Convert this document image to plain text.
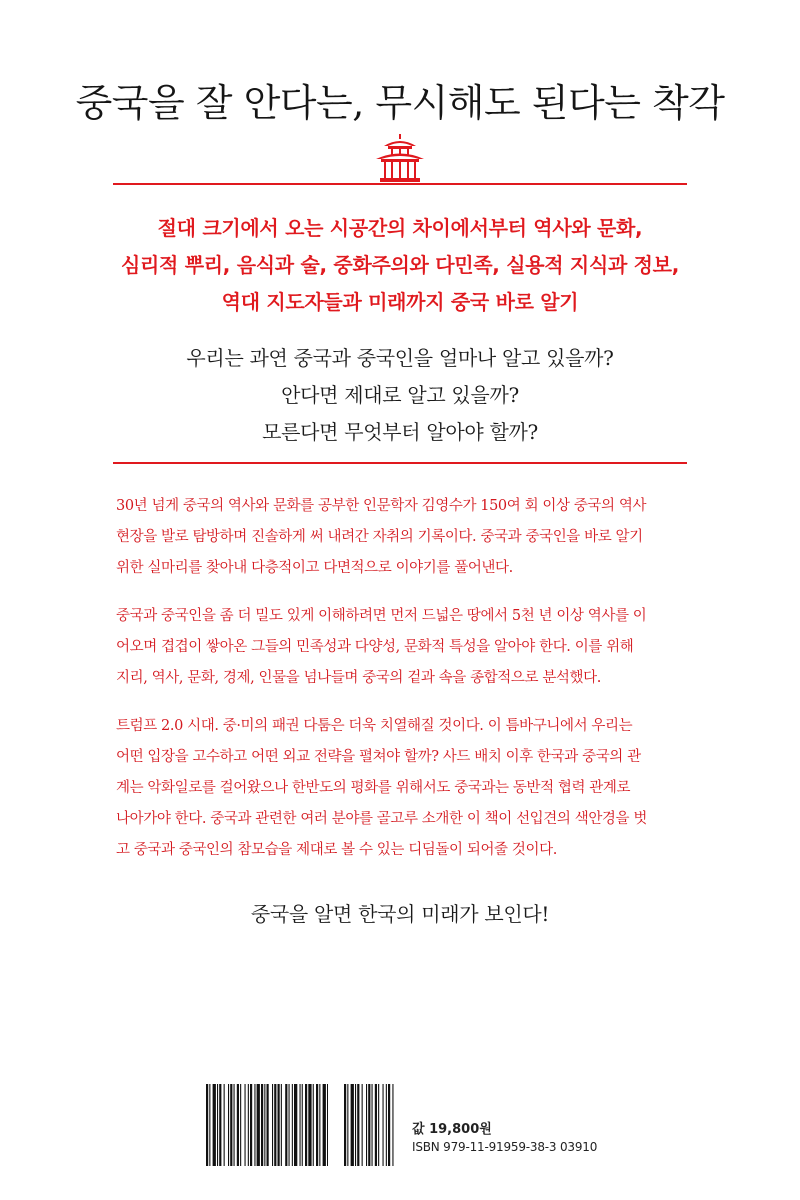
중국을 잘 안다는, 무시해도 된다는 착각
절대 크기에서 오는 시공간의 차이에서부터 역사와 문화,
심리적 뿌리, 음식과 술, 중화주의와 다민족, 실용적 지식과 정보,
역대 지도자들과 미래까지 중국 바로 알기
우리는 과연 중국과 중국인을 얼마나 알고 있을까?
안다면 제대로 알고 있을까?
모른다면 무엇부터 알아야 할까?
30년 넘게 중국의 역사와 문화를 공부한 인문학자 김영수가 150여 회 이상 중국의 역사
현장을 발로 탐방하며 진솔하게 써 내려간 자취의 기록이다. 중국과 중국인을 바로 알기
위한 실마리를 찾아내 다층적이고 다면적으로 이야기를 풀어낸다.
중국과 중국인을 좀 더 밀도 있게 이해하려면 먼저 드넓은 땅에서 5천 년 이상 역사를 이
어오며 겹겹이 쌓아온 그들의 민족성과 다양성, 문화적 특성을 알아야 한다. 이를 위해
지리, 역사, 문화, 경제, 인물을 넘나들며 중국의 겉과 속을 종합적으로 분석했다.
트럼프 2.0 시대. 중·미의 패권 다툼은 더욱 치열해질 것이다. 이 틈바구니에서 우리는
어떤 입장을 고수하고 어떤 외교 전략을 펼쳐야 할까? 사드 배치 이후 한국과 중국의 관
계는 악화일로를 걸어왔으나 한반도의 평화를 위해서도 중국과는 동반적 협력 관계로
나아가야 한다. 중국과 관련한 여러 분야를 골고루 소개한 이 책이 선입견의 색안경을 벗
고 중국과 중국인의 참모습을 제대로 볼 수 있는 디딤돌이 되어줄 것이다.
중국을 알면 한국의 미래가 보인다!
값 19,800원
ISBN 979-11-91959-38-3 03910
